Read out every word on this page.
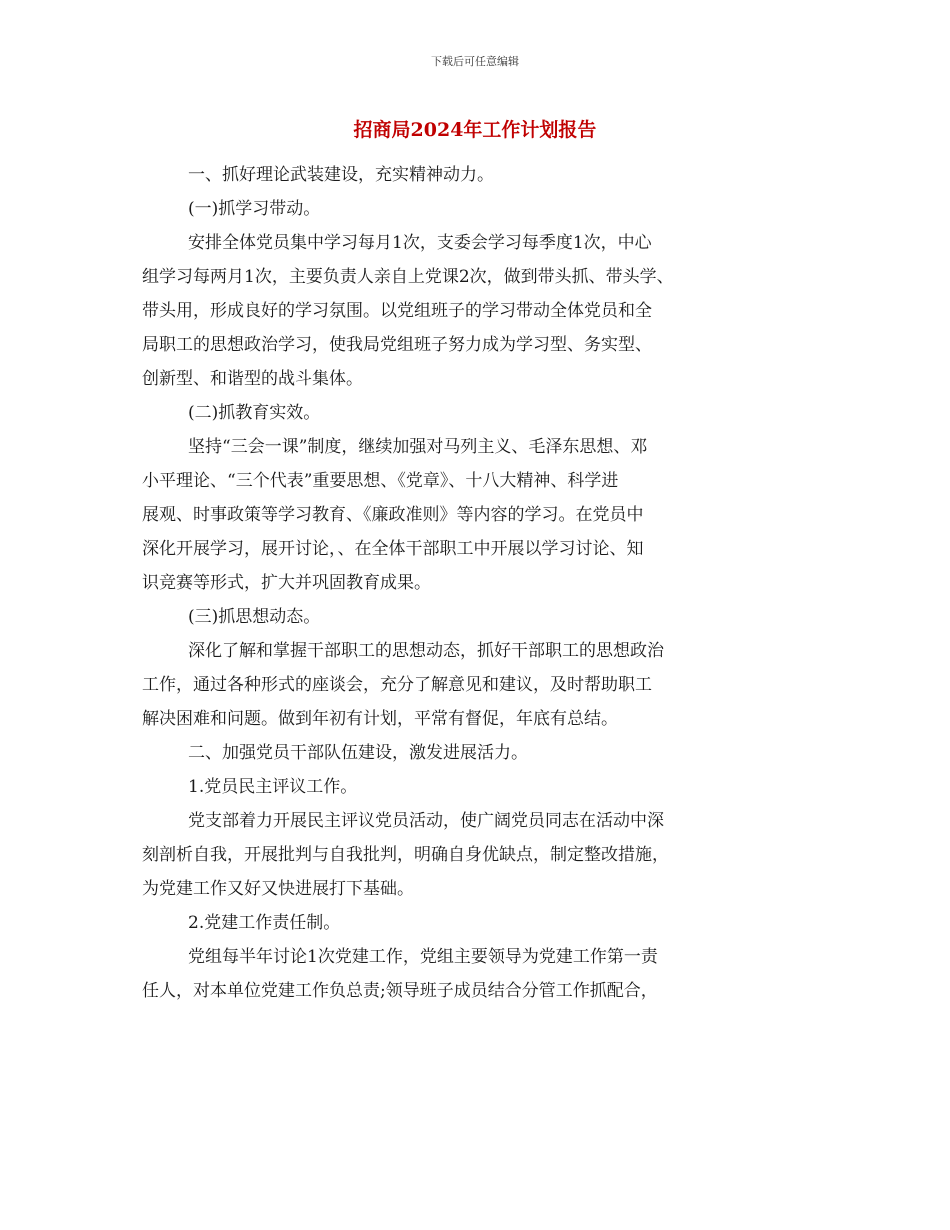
下载后可任意编辑
招商局2024年工作计划报告
一、抓好理论武装建设，充实精神动力。
(一)抓学习带动。
安排全体党员集中学习每月1次，支委会学习每季度1次，中心
组学习每两月1次，主要负责人亲自上党课2次，做到带头抓、带头学、
带头用，形成良好的学习氛围。以党组班子的学习带动全体党员和全
局职工的思想政治学习，使我局党组班子努力成为学习型、务实型、
创新型、和谐型的战斗集体。
(二)抓教育实效。
坚持“三会一课”制度，继续加强对马列主义、毛泽东思想、邓
小平理论、“三个代表”重要思想、《党章》、十八大精神、科学进
展观、时事政策等学习教育、《廉政准则》等内容的学习。在党员中
深化开展学习，展开讨论，、在全体干部职工中开展以学习讨论、知
识竞赛等形式，扩大并巩固教育成果。
(三)抓思想动态。
深化了解和掌握干部职工的思想动态，抓好干部职工的思想政治
工作，通过各种形式的座谈会，充分了解意见和建议，及时帮助职工
解决困难和问题。做到年初有计划，平常有督促，年底有总结。
二、加强党员干部队伍建设，激发进展活力。
1.党员民主评议工作。
党支部着力开展民主评议党员活动，使广阔党员同志在活动中深
刻剖析自我，开展批判与自我批判，明确自身优缺点，制定整改措施，
为党建工作又好又快进展打下基础。
2.党建工作责任制。
党组每半年讨论1次党建工作，党组主要领导为党建工作第一责
任人，对本单位党建工作负总责;领导班子成员结合分管工作抓配合，
